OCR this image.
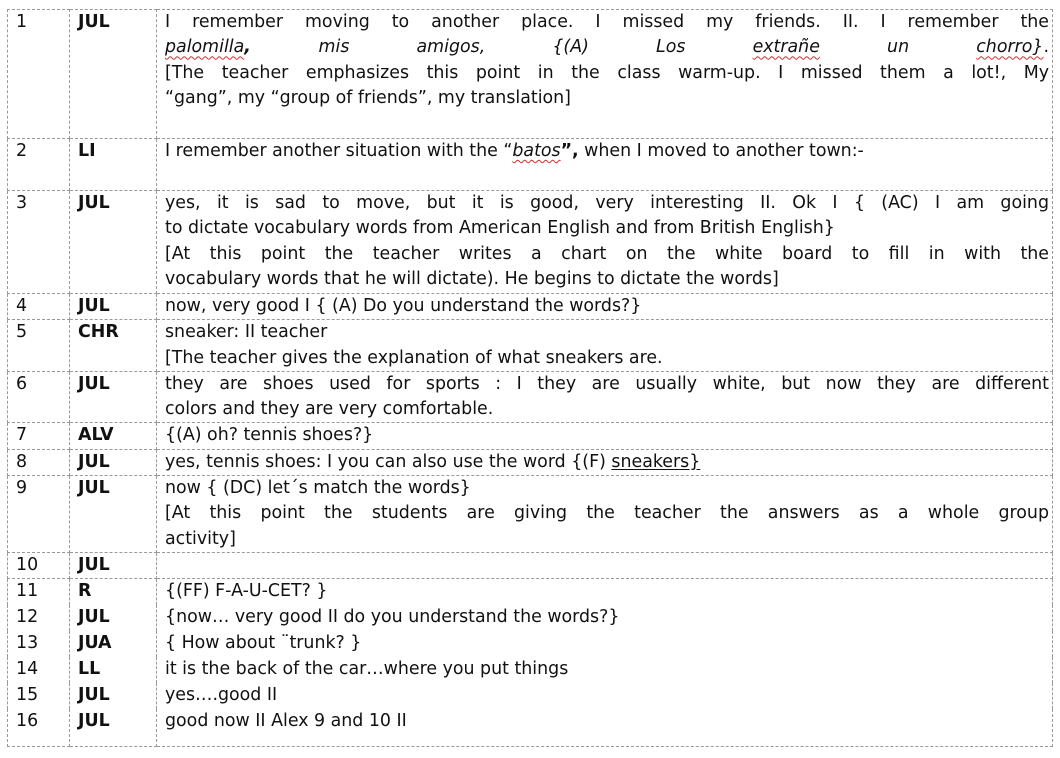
1	JUL	I remember moving to another place. I missed my friends. II. I remember the
palomilla, mis amigos, {(A) Los extrañe un chorro}.
[The teacher emphasizes this point in the class warm-up. I missed them a lot!, My
“gang”, my “group of friends”, my translation]

2	LI	I remember another situation with the “batos”, when I moved to another town:-

3	JUL	yes, it is sad to move, but it is good, very interesting II. Ok I { (AC) I am going
to dictate vocabulary words from American English and from British English}
[At this point the teacher writes a chart on the white board to fill in with the
vocabulary words that he will dictate). He begins to dictate the words]

4	JUL	now, very good I { (A) Do you understand the words?}
5	CHR	sneaker: II teacher
[The teacher gives the explanation of what sneakers are.

6	JUL	they are shoes used for sports : I they are usually white, but now they are different
colors and they are very comfortable.

7	ALV	{(A) oh? tennis shoes?}
8	JUL	yes, tennis shoes: I you can also use the word {(F) sneakers}
9	JUL	now { (DC) let´s match the words}
[At this point the students are giving the teacher the answers as a whole group
activity]

10	JUL	
11	R	{(FF) F-A-U-CET? }
12	JUL	{now… very good II do you understand the words?}
13	JUA	{ How about ¨trunk? }
14	LL	it is the back of the car…where you put things
15	JUL	yes….good II
16	JUL	good now II Alex 9 and 10 II
